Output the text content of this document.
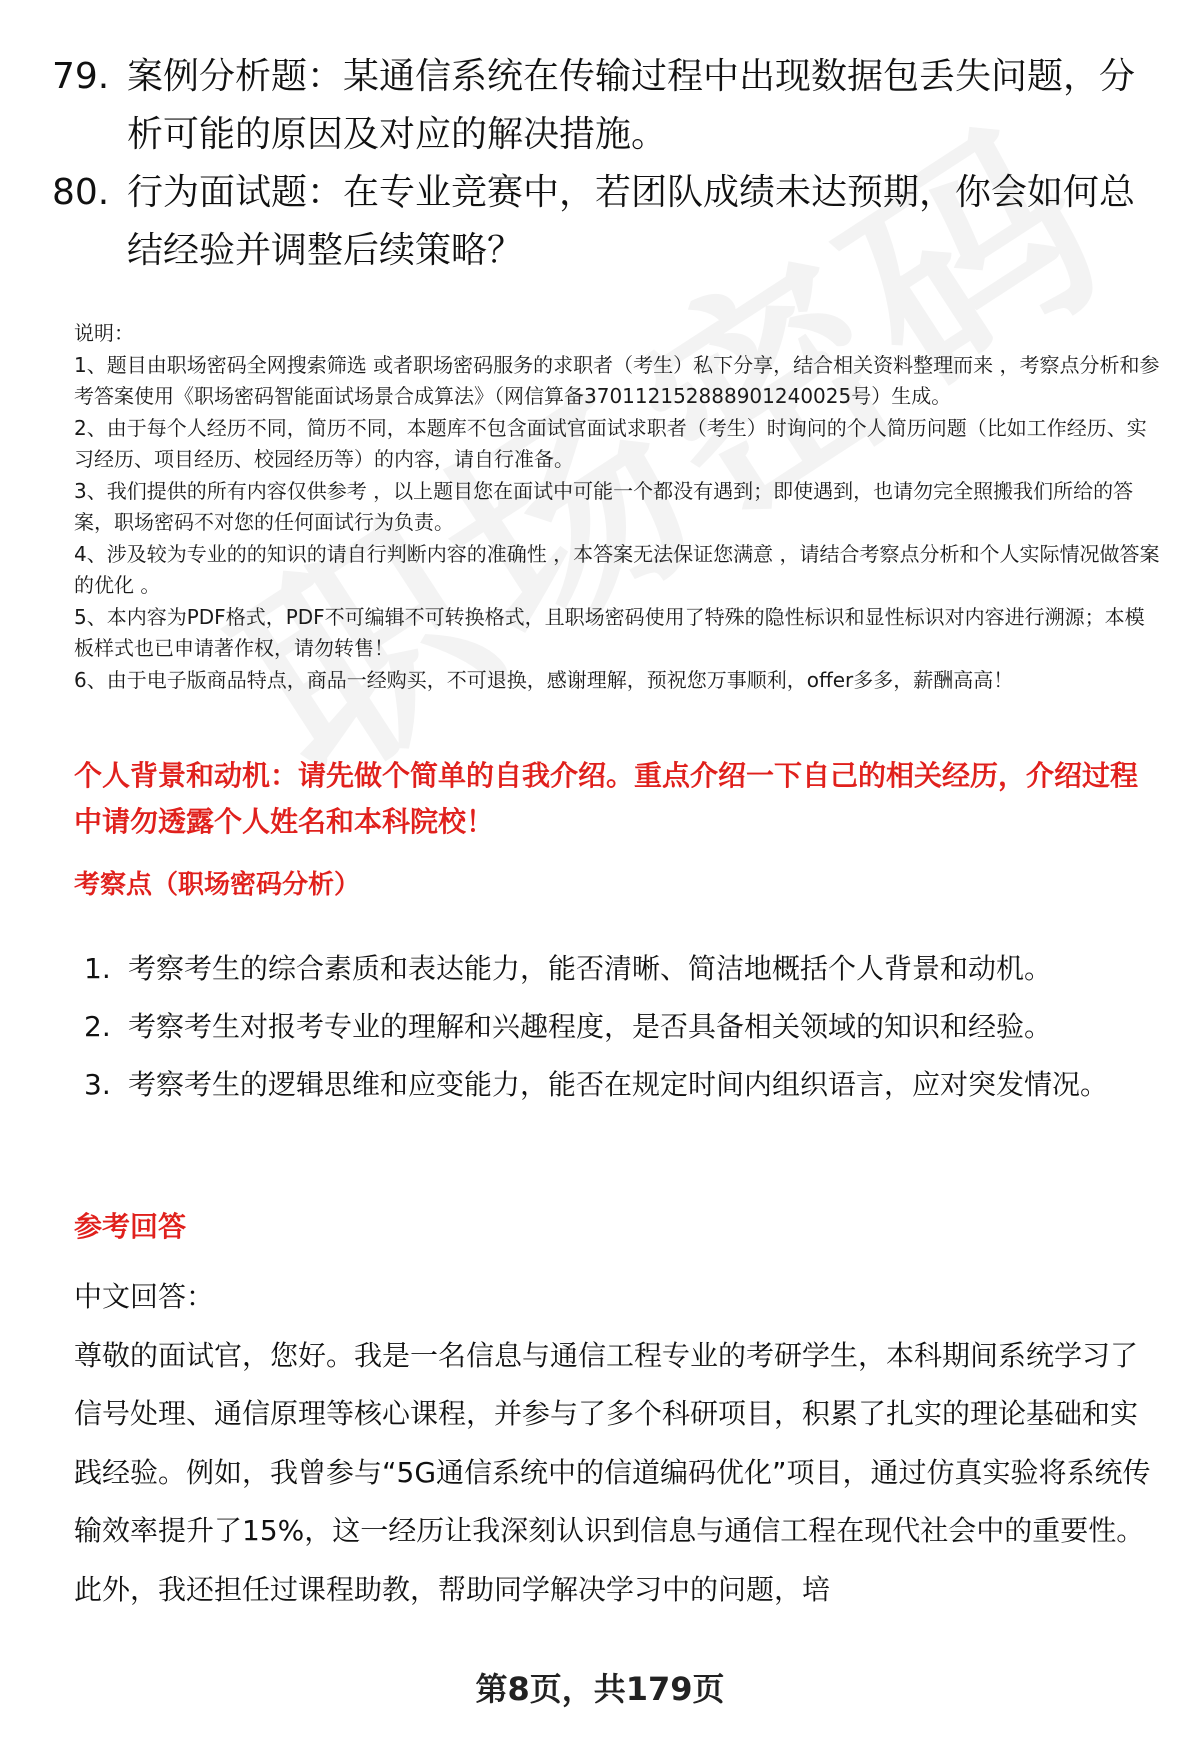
79. 案例分析题：某通信系统在传输过程中出现数据包丢失问题，分析可能的原因及对应的解决措施。
80. 行为面试题：在专业竞赛中，若团队成绩未达预期，你会如何总结经验并调整后续策略？

说明：

1、题目由职场密码全网搜索筛选 或者职场密码服务的求职者（考生）私下分享，结合相关资料整理而来 ，考察点分析和参考答案使用《职场密码智能面试场景合成算法》（网信算备370112152888901240025号）生成。

2、由于每个人经历不同，简历不同，本题库不包含面试官面试求职者（考生）时询问的个人简历问题（比如工作经历、实习经历、项目经历、校园经历等）的内容，请自行准备。

3、我们提供的所有内容仅供参考 ，以上题目您在面试中可能一个都没有遇到；即使遇到，也请勿完全照搬我们所给的答案，职场密码不对您的任何面试行为负责。

4、涉及较为专业的的知识的请自行判断内容的准确性 ，本答案无法保证您满意 ，请结合考察点分析和个人实际情况做答案的优化 。

5、本内容为PDF格式，PDF不可编辑不可转换格式，且职场密码使用了特殊的隐性标识和显性标识对内容进行溯源；本模板样式也已申请著作权，请勿转售！

6、由于电子版商品特点，商品一经购买，不可退换，感谢理解，预祝您万事顺利，offer多多，薪酬高高！

个人背景和动机：请先做个简单的自我介绍。重点介绍一下自己的相关经历，介绍过程中请勿透露个人姓名和本科院校！
考察点（职场密码分析）
1. 考察考生的综合素质和表达能力，能否清晰、简洁地概括个人背景和动机。
2. 考察考生对报考专业的理解和兴趣程度，是否具备相关领域的知识和经验。
3. 考察考生的逻辑思维和应变能力，能否在规定时间内组织语言，应对突发情况。
参考回答

中文回答：

尊敬的面试官，您好。我是一名信息与通信工程专业的考研学生，本科期间系统学习了信号处理、通信原理等核心课程，并参与了多个科研项目，积累了扎实的理论基础和实践经验。例如，我曾参与“5G通信系统中的信道编码优化”项目，通过仿真实验将系统传输效率提升了15%，这一经历让我深刻认识到信息与通信工程在现代社会中的重要性。此外，我还担任过课程助教，帮助同学解决学习中的问题，培

第8页，共179页
